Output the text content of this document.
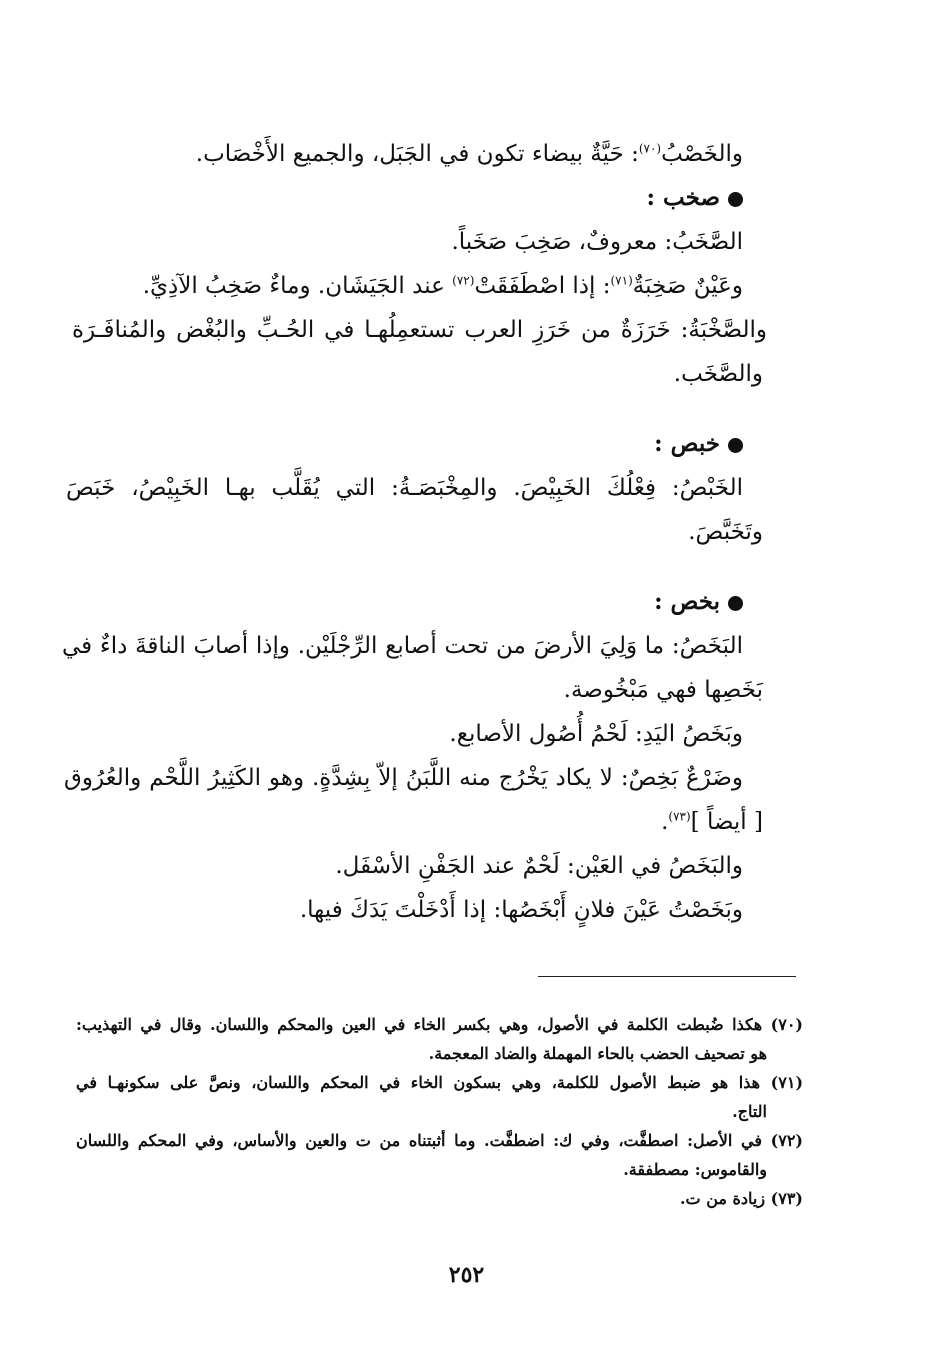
والخَصْبُ$^{(٧٠)}$: حَيَّةٌ بيضاء تكون في الجَبَل، والجميع الأَخْصَاب.
صخب :
الصَّخَبُ: معروفٌ، صَخِبَ صَخَباً.
وعَيْنٌ صَخِبَةٌ$^{(٧١)}$: إذا اصْطَفَقَتْ$^{(٧٢)}$ عند الجَيَشَان. وماءٌ صَخِبُ الآذِيِّ.
والصَّخْبَةُ: خَرَزَةٌ من خَرَزِ العرب تستعمِلُهـا في الحُـبِّ والبُغْض والمُنافَـرَة
والصَّخَب.
خبص :
الخَبْصُ: فِعْلُكَ الخَبِيْصَ. والمِخْبَصَـةُ: التي يُقَلَّب بهـا الخَبِيْصُ، خَبَصَ
وتَخَبَّصَ.
بخص :
البَخَصُ: ما وَلِيَ الأرضَ من تحت أصابع الرِّجْلَيْن. وإذا أصابَ الناقةَ داءٌ في
بَخَصِها فهي مَبْخُوصة.
وبَخَصُ اليَدِ: لَحْمُ أُصُول الأصابع.
وضَرْعٌ بَخِصٌ: لا يكاد يَخْرُج منه اللَّبَنُ إلاّ بِشِدَّةٍ. وهو الكَثِيرُ اللَّحْم والعُرُوق
[ أيضاً ]$^{(٧٣)}$.
والبَخَصُ في العَيْن: لَحْمٌ عند الجَفْنِ الأسْفَل.
وبَخَصْتُ عَيْنَ فلانٍ أَبْخَصُها: إذا أَدْخَلْتَ يَدَكَ فيها.
(٧٠) هكذا ضُبطت الكلمة في الأصول، وهي بكسر الخاء في العين والمحكم واللسان. وقال في التهذيب:
هو تصحيف الحضب بالحاء المهملة والضاد المعجمة.
(٧١) هذا هو ضبط الأصول للكلمة، وهي بسكون الخاء في المحكم واللسان، ونصَّ على سكونهـا في
التاج.
(٧٢) في الأصل: اصطفَّت، وفي ك: اضطفَّت. وما أثبتناه من ت والعين والأساس، وفي المحكم واللسان
والقاموس: مصطفقة.
(٧٣) زيادة من ت.
٢٥٢
